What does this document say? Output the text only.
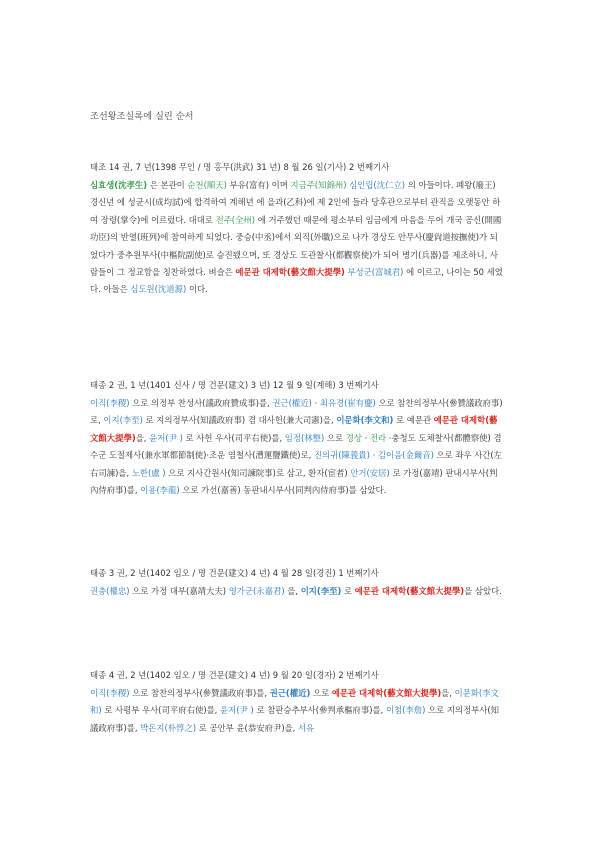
조선왕조실록에 실린 순서
태조 14 권, 7 년(1398 무인 / 명 홍무(洪武) 31 년) 8 월 26 일(기사) 2 번째기사
심효생(沈孝生) 은 본관이 순천(順天) 부유(富有) 이며 지금주(知錦州) 심인립(沈仁立) 의 아들이다. 폐왕(廢王) 경신년 에 성균시(成均試)에 합격하여 계해년 에 을과(乙科)에 제 2인에 들라 당후관으로부터 관직을 오랫동안 하여 장령(掌令)에 이르렀다. 대대로 전주(全州) 에 거주했던 때문에 평소부터 임금에게 마음을 두어 개국 공신(開國功臣)의 반열(班列)에 참여하게 되었다. 중승(中丞)에서 외직(外職)으로 나가 경상도 안무사(慶尙道按撫使)가 되었다가 중추원부사(中樞院副使)로 승진됐으며, 또 경상도 도관찰사(都觀察使)가 되어 병기(兵器)를 제조하니, 사람들이 그 정교함을 칭찬하였다. 벼슬은 예문관 대제학(藝文館大提學) 부성군(富城君) 에 이르고, 나이는 50 세였다. 아들은 심도원(沈道源) 이다.
태종 2 권, 1 년(1401 신사 / 명 건문(建文) 3 년) 12 월 9 일(계해) 3 번째기사
이직(李稷) 으로 의정부 찬성사(議政府贊成事)를, 권근(權近) · 최유경(崔有慶) 으로 참찬의정부사(參贊議政府事)로, 이지(李至) 로 지의정부사(知議政府事) 겸 대사헌(兼大司憲)을, 이문화(李文和) 로 예문관 예문관 대제학(藝文館大提學)을, 윤저(尹 ) 로 사헌 우사(司平右使)를, 임정(林整) 으로 경상 · 전라 ·충청도 도체찰사(都體察使) 겸 수군 도절제사(兼水軍都節制使)·조운 염철사(漕運鹽鐵使)로, 진의귀(陳義貴) · 김이음(金爾音) 으로 좌우 사간(左右司諫)을, 노한(盧 ) 으로 지사간원사(知司諫院事)로 삼고, 환자(宦者) 안거(安居) 로 가정(嘉靖) 판내시부사(判內侍府事)를, 이용(李龍) 으로 가선(嘉善) 동판내시부사(同判內侍府事)를 삼았다.
태종 3 권, 2 년(1402 임오 / 명 건문(建文) 4 년) 4 월 28 일(경진) 1 번째기사
권충(權忠) 으로 가정 대부(嘉靖大夫) 영가군(永嘉君) 을, 이지(李至) 로 예문관 대제학(藝文館大提學)을 삼았다.
태종 4 권, 2 년(1402 임오 / 명 건문(建文) 4 년) 9 월 20 일(경자) 2 번째기사
이직(李稷) 으로 참찬의정부사(參贊議政府事)를, 권근(權近) 으로 예문관 대제학(藝文館大提學)을, 이문화(李文和) 로 사평부 우사(司平府右使)를, 윤저(尹 ) 로 참판승추부사(參判承樞府事)를, 이첨(李詹) 으로 지의정부사(知議政府事)를, 박돈지(朴惇之) 로 공안부 윤(恭安府尹)을, 서유
